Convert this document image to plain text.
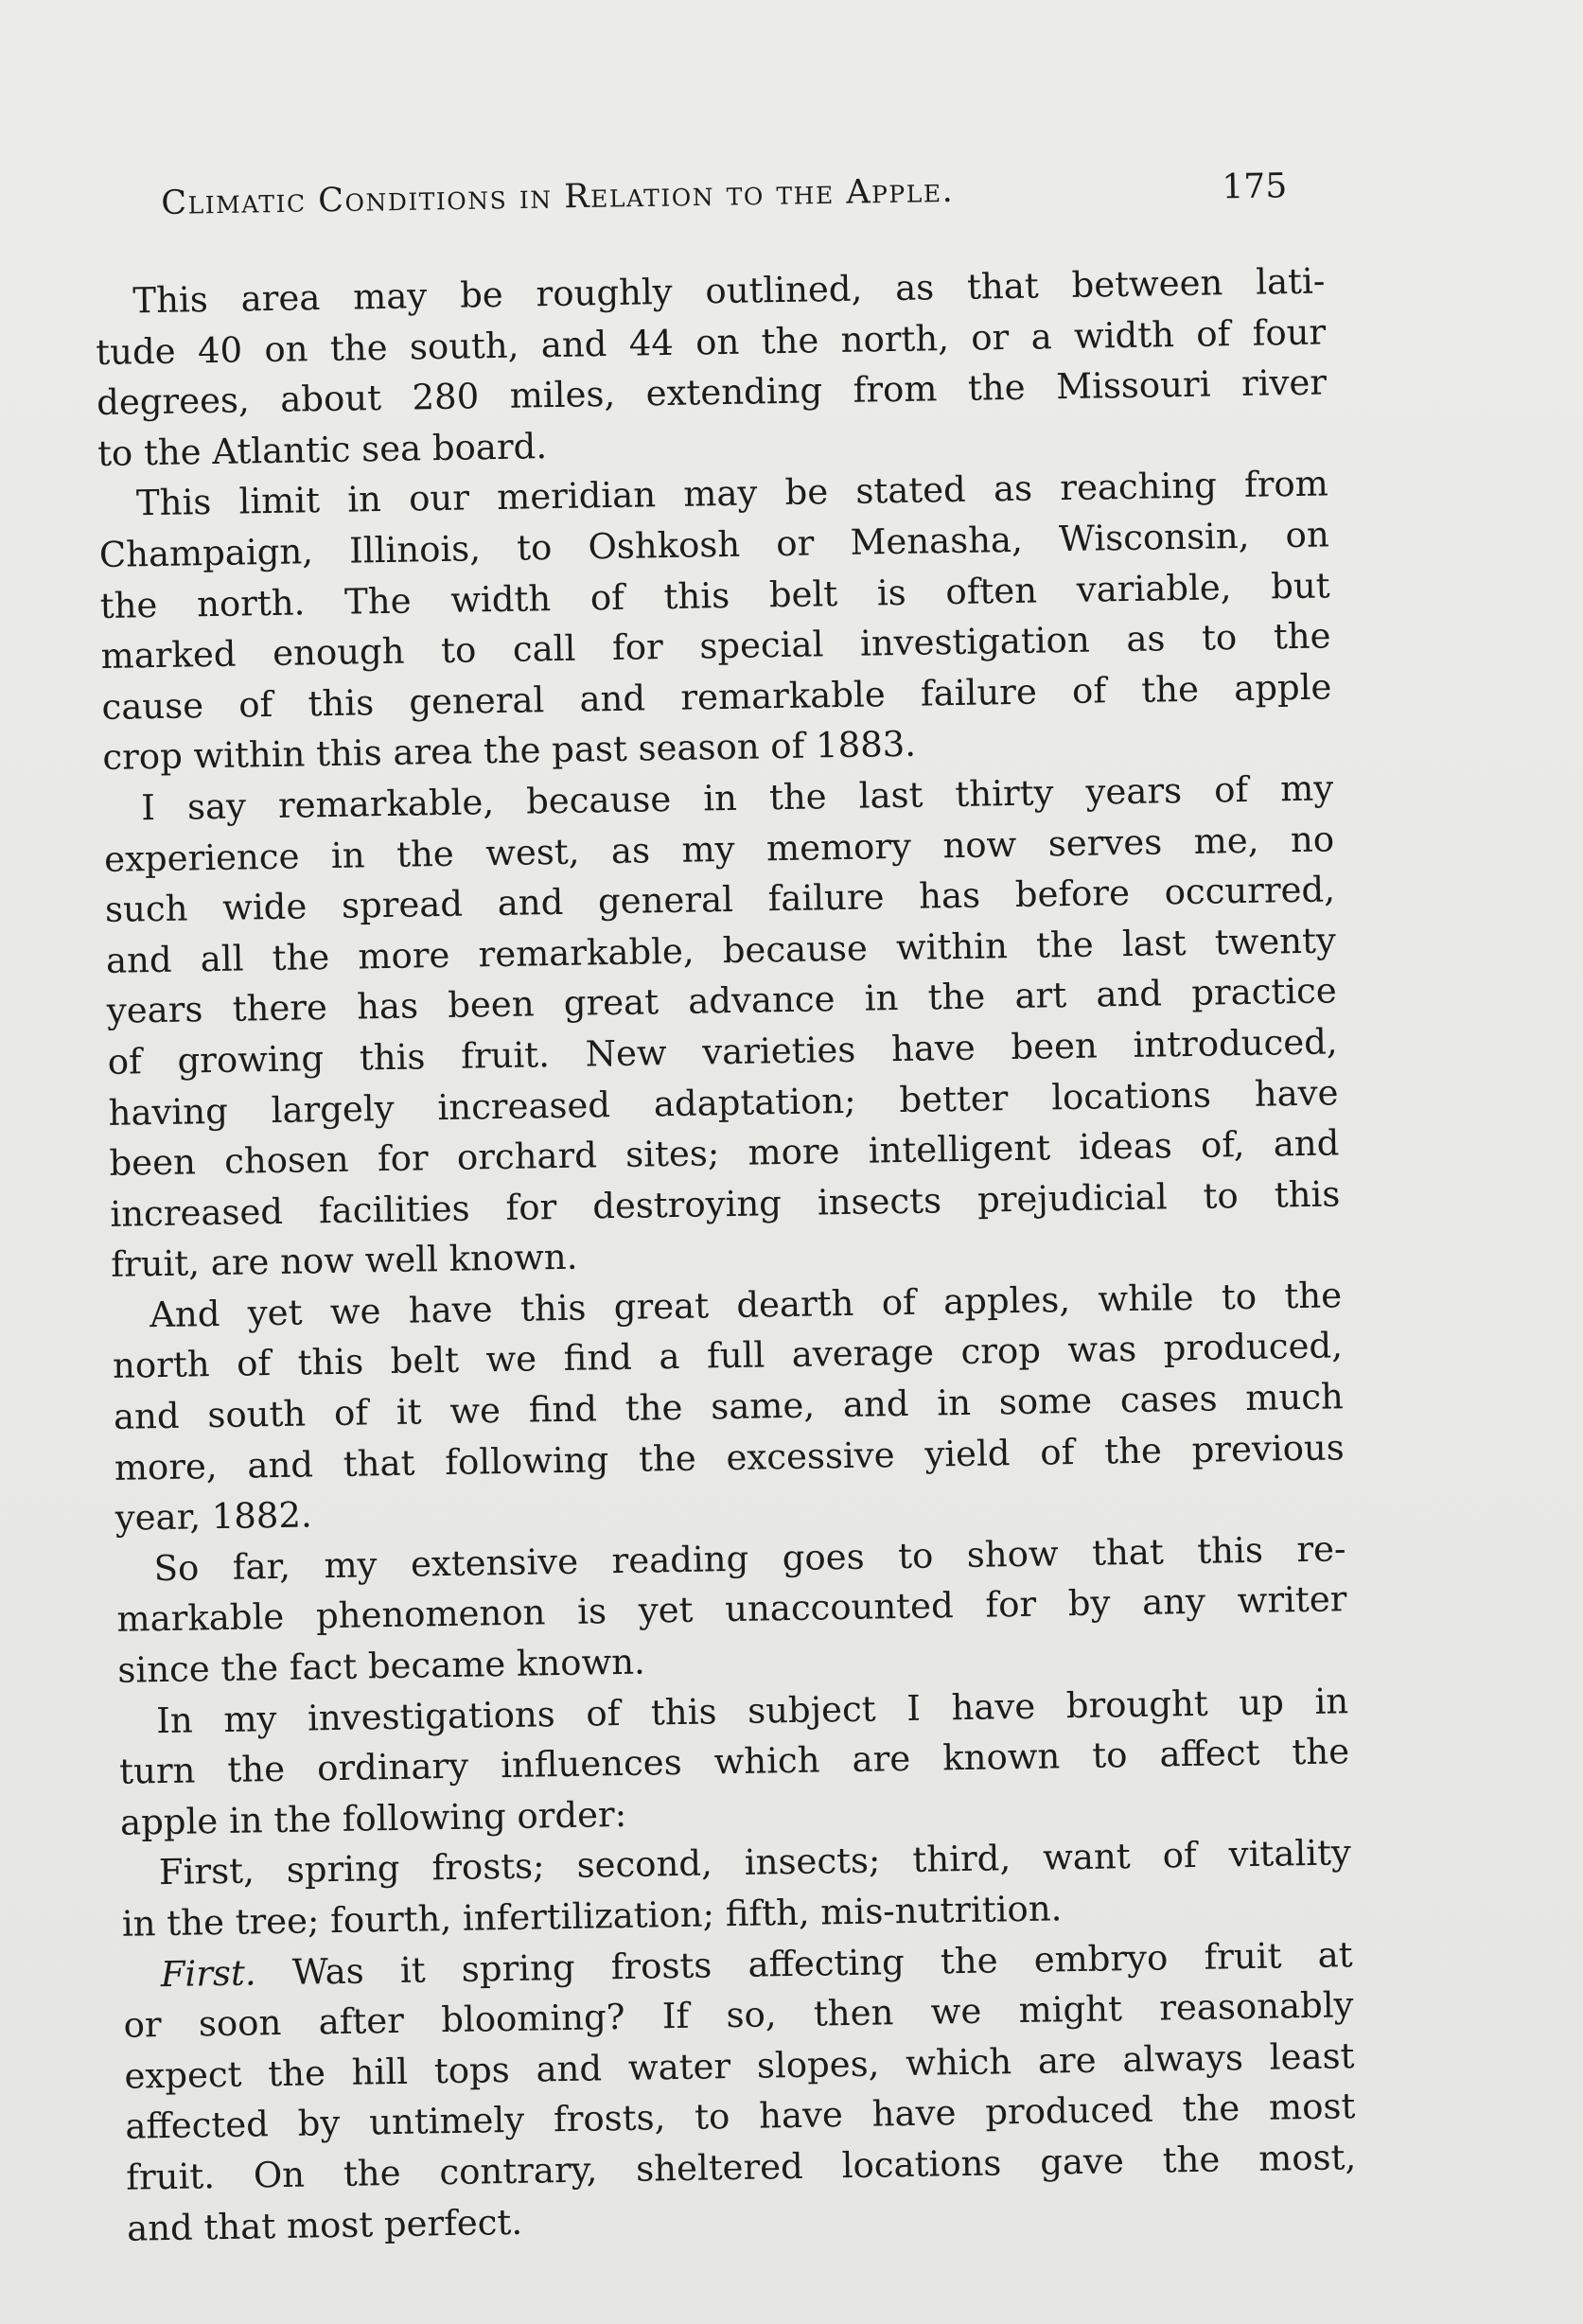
Climatic Conditions in Relation to the Apple.	175
This area may be roughly outlined, as that between lati-
tude 40 on the south, and 44 on the north, or a width of four
degrees, about 280 miles, extending from the Missouri river
to the Atlantic sea board.
This limit in our meridian may be stated as reaching from
Champaign, Illinois, to Oshkosh or Menasha, Wisconsin, on
the north. The width of this belt is often variable, but
marked enough to call for special investigation as to the
cause of this general and remarkable failure of the apple
crop within this area the past season of 1883.
I say remarkable, because in the last thirty years of my
experience in the west, as my memory now serves me, no
such wide spread and general failure has before occurred,
and all the more remarkable, because within the last twenty
years there has been great advance in the art and practice
of growing this fruit. New varieties have been introduced,
having largely increased adaptation; better locations have
been chosen for orchard sites; more intelligent ideas of, and
increased facilities for destroying insects prejudicial to this
fruit, are now well known.
And yet we have this great dearth of apples, while to the
north of this belt we find a full average crop was produced,
and south of it we find the same, and in some cases much
more, and that following the excessive yield of the previous
year, 1882.
So far, my extensive reading goes to show that this re-
markable phenomenon is yet unaccounted for by any writer
since the fact became known.
In my investigations of this subject I have brought up in
turn the ordinary influences which are known to affect the
apple in the following order:
First, spring frosts; second, insects; third, want of vitality
in the tree; fourth, infertilization; fifth, mis-nutrition.
First. Was it spring frosts affecting the embryo fruit at
or soon after blooming? If so, then we might reasonably
expect the hill tops and water slopes, which are always least
affected by untimely frosts, to have have produced the most
fruit. On the contrary, sheltered locations gave the most,
and that most perfect.
